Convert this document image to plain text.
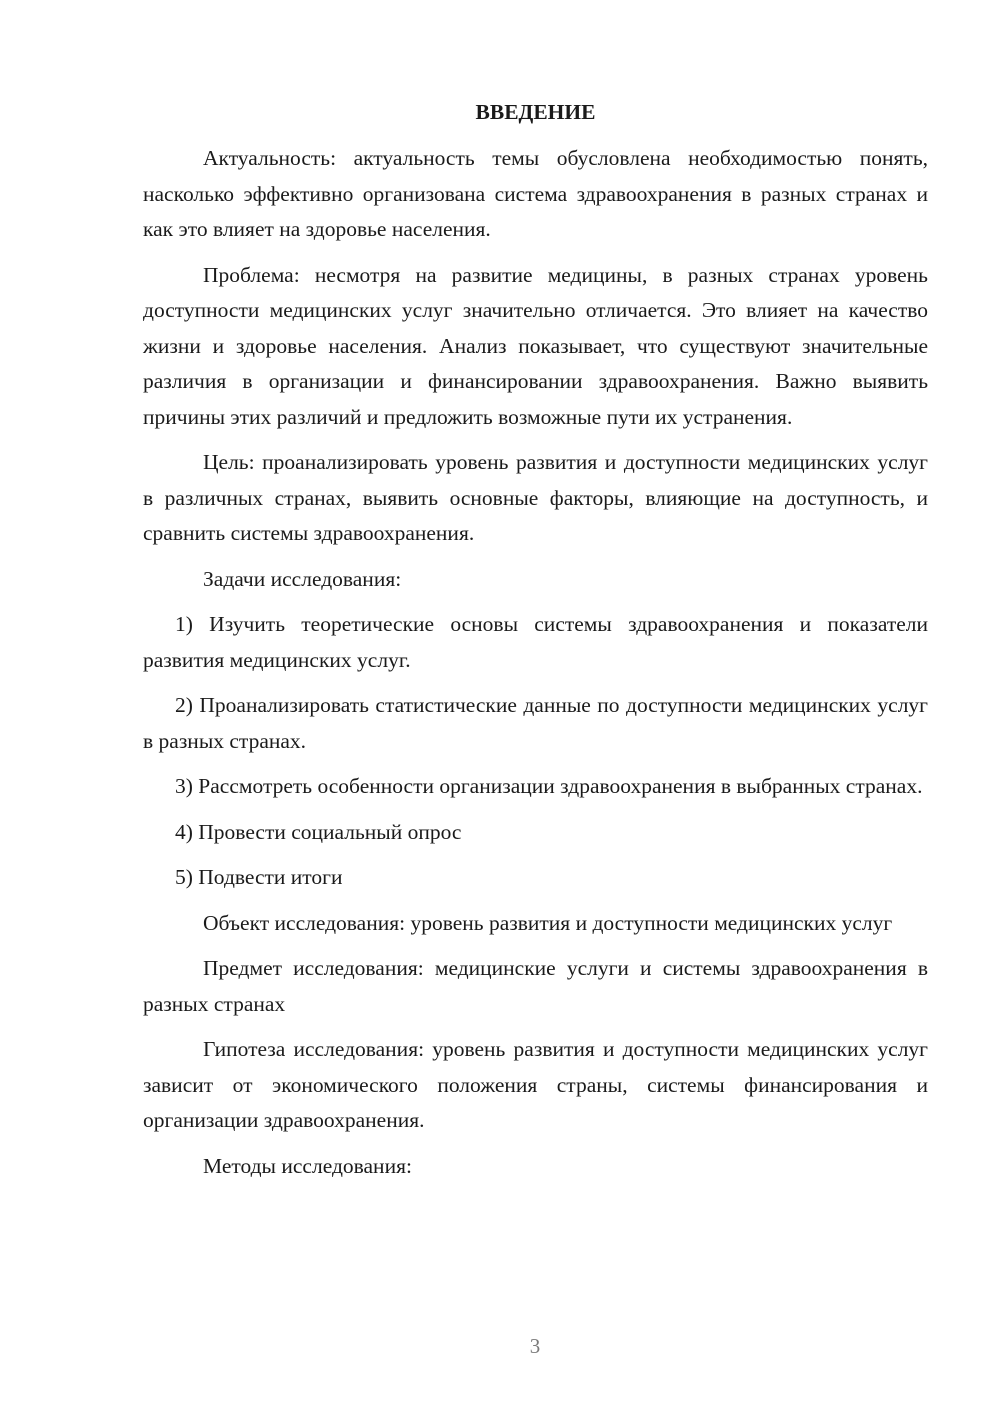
ВВЕДЕНИЕ

Актуальность: актуальность темы обусловлена необходимостью понять, насколько эффективно организована система здравоохранения в разных странах и как это влияет на здоровье населения.

Проблема: несмотря на развитие медицины, в разных странах уровень доступности медицинских услуг значительно отличается. Это влияет на качество жизни и здоровье населения. Анализ показывает, что существуют значительные различия в организации и финансировании здравоохранения. Важно выявить причины этих различий и предложить возможные пути их устранения.

Цель: проанализировать уровень развития и доступности медицинских услуг в различных странах, выявить основные факторы, влияющие на доступность, и сравнить системы здравоохранения.

Задачи исследования:

1) Изучить теоретические основы системы здравоохранения и показатели развития медицинских услуг.

2) Проанализировать статистические данные по доступности медицинских услуг в разных странах.

3) Рассмотреть особенности организации здравоохранения в выбранных странах.

4) Провести социальный опрос

5) Подвести итоги

Объект исследования: уровень развития и доступности медицинских услуг

Предмет исследования: медицинские услуги и системы здравоохранения в разных странах

Гипотеза исследования: уровень развития и доступности медицинских услуг зависит от экономического положения страны, системы финансирования и организации здравоохранения.

Методы исследования:

3
